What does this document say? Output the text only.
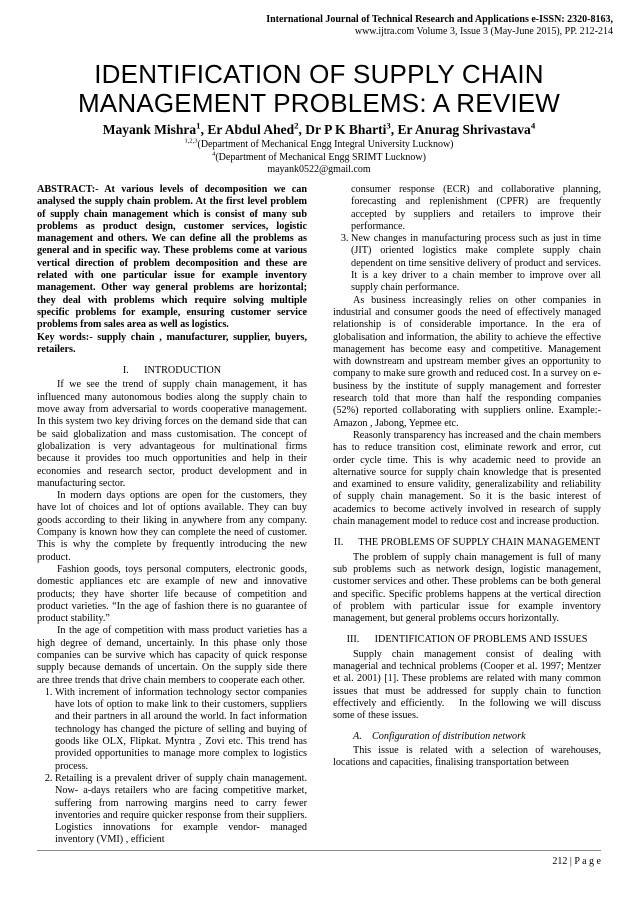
International Journal of Technical Research and Applications e-ISSN: 2320-8163,
www.ijtra.com Volume 3, Issue 3 (May-June 2015), PP. 212-214
IDENTIFICATION OF SUPPLY CHAIN
MANAGEMENT PROBLEMS: A REVIEW
Mayank Mishra$^1$, Er Abdul Ahed$^2$, Dr P K Bharti$^3$, Er Anurag Shrivastava$^4$
$^{1,2,3}$(Department of Mechanical Engg Integral University Lucknow)
$^4$(Department of Mechanical Engg SRIMT Lucknow)
mayank0522@gmail.com

ABSTRACT:- At various levels of decomposition we can analysed the supply chain problem. At the first level problem of supply chain management which is consist of many sub problems as product design, customer services, logistic management and others. We can define all the problems as general and in specific way. These problems come at various vertical direction of problem decomposition and these are related with one particular issue for example inventory management. Other way general problems are horizontal; they deal with problems which require solving multiple specific problems for example, ensuring customer service problems from sales area as well as logistics.

Key words:- supply chain , manufacturer, supplier, buyers, retailers.

I.      INTRODUCTION

If we see the trend of supply chain management, it has influenced many autonomous bodies along the supply chain to move away from adversarial to words cooperative management. In this system two key driving forces on the demand side that can be said globalization and mass customisation. The concept of globalization is very advantageous for multinational firms because it provides too much opportunities and help in their economies and research sector, product development and in manufacturing sector.

In modern days options are open for the customers, they have lot of choices and lot of options available. They can buy goods according to their liking in anywhere from any company. Company is known how they can complete the need of customer. This is why the complete by frequently introducing the new product.

Fashion goods, toys personal computers, electronic goods, domestic appliances etc are example of new and innovative products; they have shorter life because of competition and product varieties. “In the age of fashion there is no guarantee of product stability.”

In the age of competition with mass product varieties has a high degree of demand, uncertainly. In this phase only those companies can be survive which has capacity of quick response supply because demands of uncertain. On the supply side there are three trends that drive chain members to cooperate each other.

1. With increment of information technology sector companies have lots of option to make link to their customers, suppliers and their partners in all around the world. In fact information technology has changed the picture of selling and buying of goods like OLX, Flipkat. Myntra , Zovi etc. This trend has provided opportunities to manage more complex to logistics process.
2. Retailing is a prevalent driver of supply chain management. Now- a-days retailers who are facing competitive market, suffering from narrowing margins need to carry fewer inventories and require quicker response from their suppliers. Logistics innovations for example vendor- managed inventory (VMI) , efficient
consumer response (ECR) and collaborative planning, forecasting and replenishment (CPFR) are frequently accepted by suppliers and retailers to improve their performance.
3. New changes in manufacturing process such as just in time (JIT) oriented logistics make complete supply chain dependent on time sensitive delivery of product and services. It is a key driver to a chain member to improve over all supply chain performance.

As business increasingly relies on other companies in industrial and consumer goods the need of effectively managed relationship is of considerable importance. In the era of globalisation and information, the ability to achieve the effective management has become easy and competitive. Management with downstream and upstream member gives an opportunity to company to make sure growth and reduced cost. In a survey on e-business by the institute of supply management and forrester research told that more than half the responding companies (52%) reported collaborating with suppliers online. Example:- Amazon , Jabong, Yepmee etc.

Reasonly transparency has increased and the chain members has to reduce transition cost, eliminate rework and error, cut order cycle time. This is why academic need to provide an alternative source for supply chain knowledge that is presented and examined to ensure validity, generalizability and reliability of supply chain management. So it is the basic interest of academics to become actively involved in research of supply chain management model to reduce cost and increase production.

II.      THE PROBLEMS OF SUPPLY CHAIN MANAGEMENT

The problem of supply chain management is full of many sub problems such as network design, logistic management, customer services and other. These problems can be both general and specific. Specific problems happens at the vertical direction of problem with particular issue for example inventory management, but general problems occurs horizontally.

III.      IDENTIFICATION OF PROBLEMS AND ISSUES

Supply chain management consist of dealing with managerial and technical problems (Cooper et al. 1997; Mentzer et al. 2001) [1]. These problems are related with many common issues that must be addressed for supply chain to function effectively and efficiently.   In the following we will discuss some of these issues.

A.    Configuration of distribution network

This issue is related with a selection of warehouses, locations and capacities, finalising transportation between

212 | P a g e
